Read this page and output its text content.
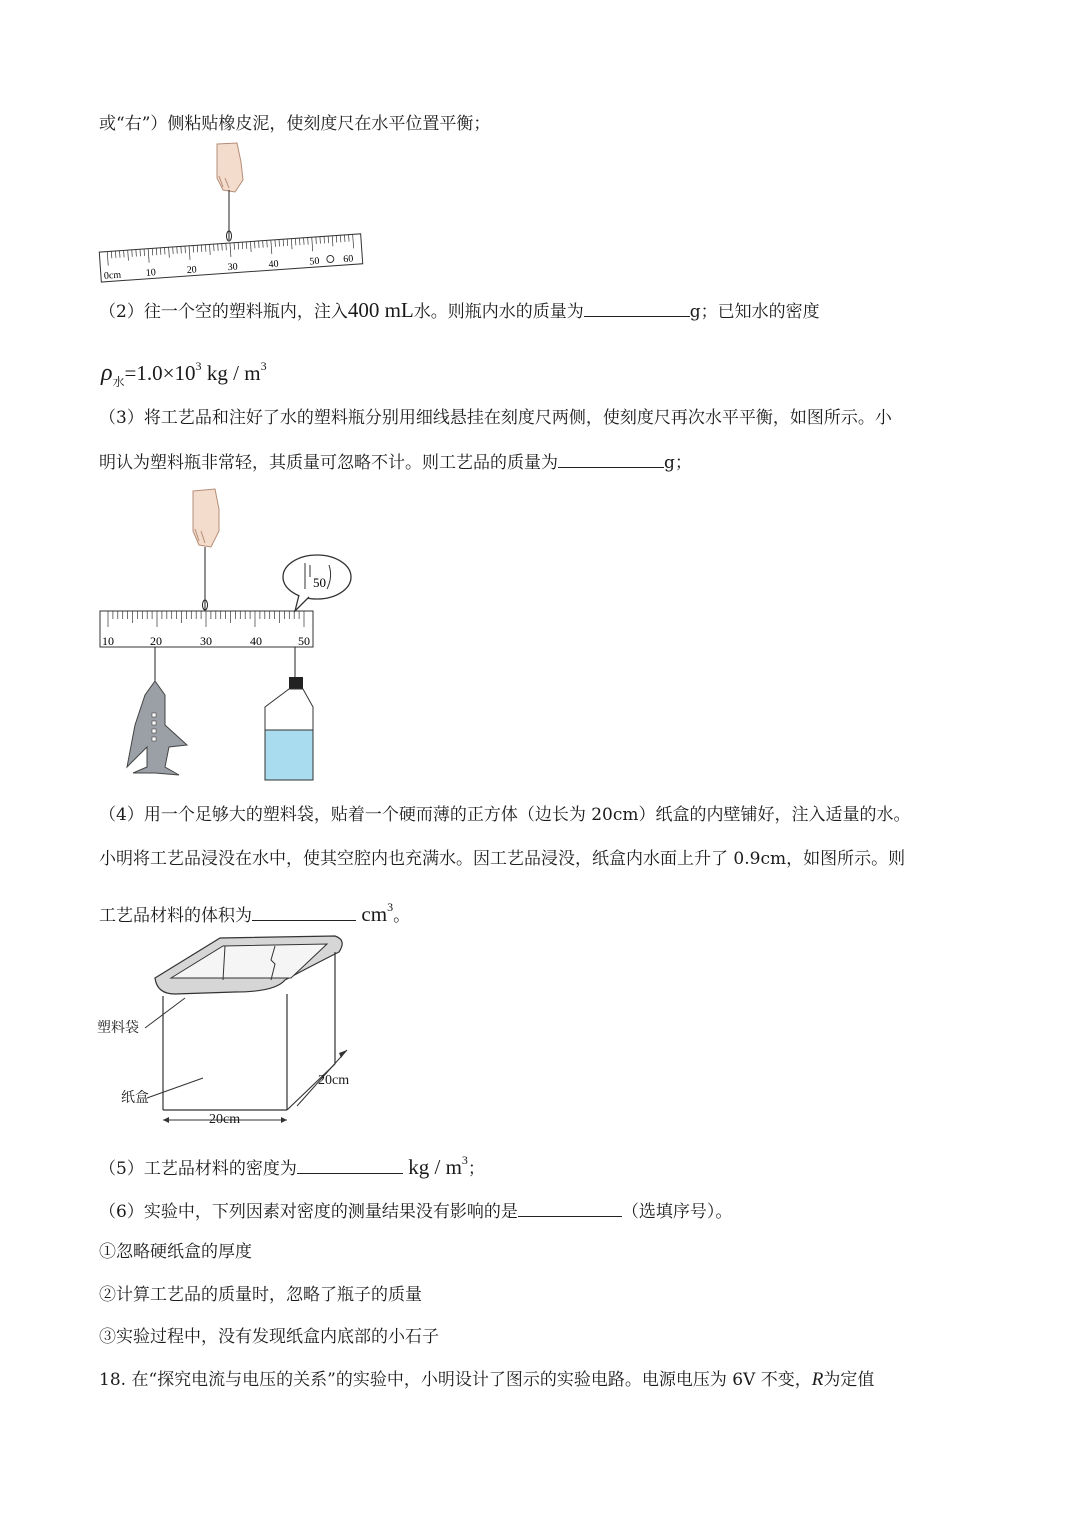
或“右”）侧粘贴橡皮泥，使刻度尺在水平位置平衡；
0cm 10	20	30	40	50 60
（2）往一个空的塑料瓶内，注入400 mL水。则瓶内水的质量为	g；已知水的密度
$\rho_水=1.0\times 10^3$ kg / $m^3$
（3）将工艺品和注好了水的塑料瓶分别用细线悬挂在刻度尺两侧，使刻度尺再次水平平衡，如图所示。小
明认为塑料瓶非常轻，其质量可忽略不计。则工艺品的质量为	g；
10	20	30	40	50
50
（4）用一个足够大的塑料袋，贴着一个硬而薄的正方体（边长为 20cm）纸盒的内壁铺好，注入适量的水。
小明将工艺品浸没在水中，使其空腔内也充满水。因工艺品浸没，纸盒内水面上升了 0.9cm，如图所示。则
工艺品材料的体积为	$cm^3$。
塑料袋
纸盒
20cm
20cm
（5）工艺品材料的密度为	kg / $m^3$；
（6）实验中，下列因素对密度的测量结果没有影响的是	（选填序号）。
①忽略硬纸盒的厚度
②计算工艺品的质量时，忽略了瓶子的质量
③实验过程中，没有发现纸盒内底部的小石子
18. 在“探究电流与电压的关系”的实验中，小明设计了图示的实验电路。电源电压为 6V 不变，R为定值
